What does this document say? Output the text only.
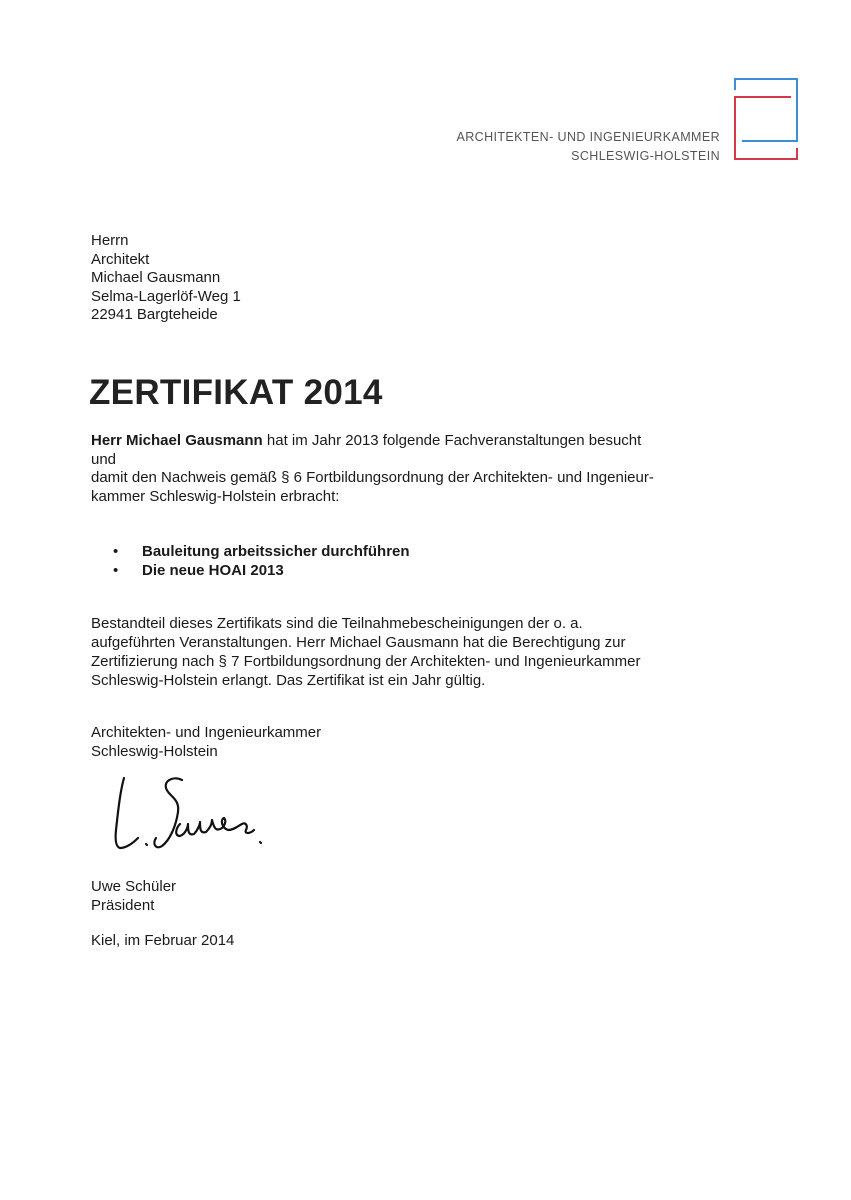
ARCHITEKTEN- UND INGENIEURKAMMER
SCHLESWIG-HOLSTEIN
Herrn
Architekt
Michael Gausmann
Selma-Lagerlöf-Weg 1
22941 Bargteheide
ZERTIFIKAT 2014
Herr Michael Gausmann hat im Jahr 2013 folgende Fachveranstaltungen besucht
und
damit den Nachweis gemäß § 6 Fortbildungsordnung der Architekten- und Ingenieur-
kammer Schleswig-Holstein erbracht:
• Bauleitung arbeitssicher durchführen
• Die neue HOAI 2013
Bestandteil dieses Zertifikats sind die Teilnahmebescheinigungen der o. a.
aufgeführten Veranstaltungen. Herr Michael Gausmann hat die Berechtigung zur
Zertifizierung nach § 7 Fortbildungsordnung der Architekten- und Ingenieurkammer
Schleswig-Holstein erlangt. Das Zertifikat ist ein Jahr gültig.
Architekten- und Ingenieurkammer
Schleswig-Holstein
Uwe Schüler
Präsident
Kiel, im Februar 2014
